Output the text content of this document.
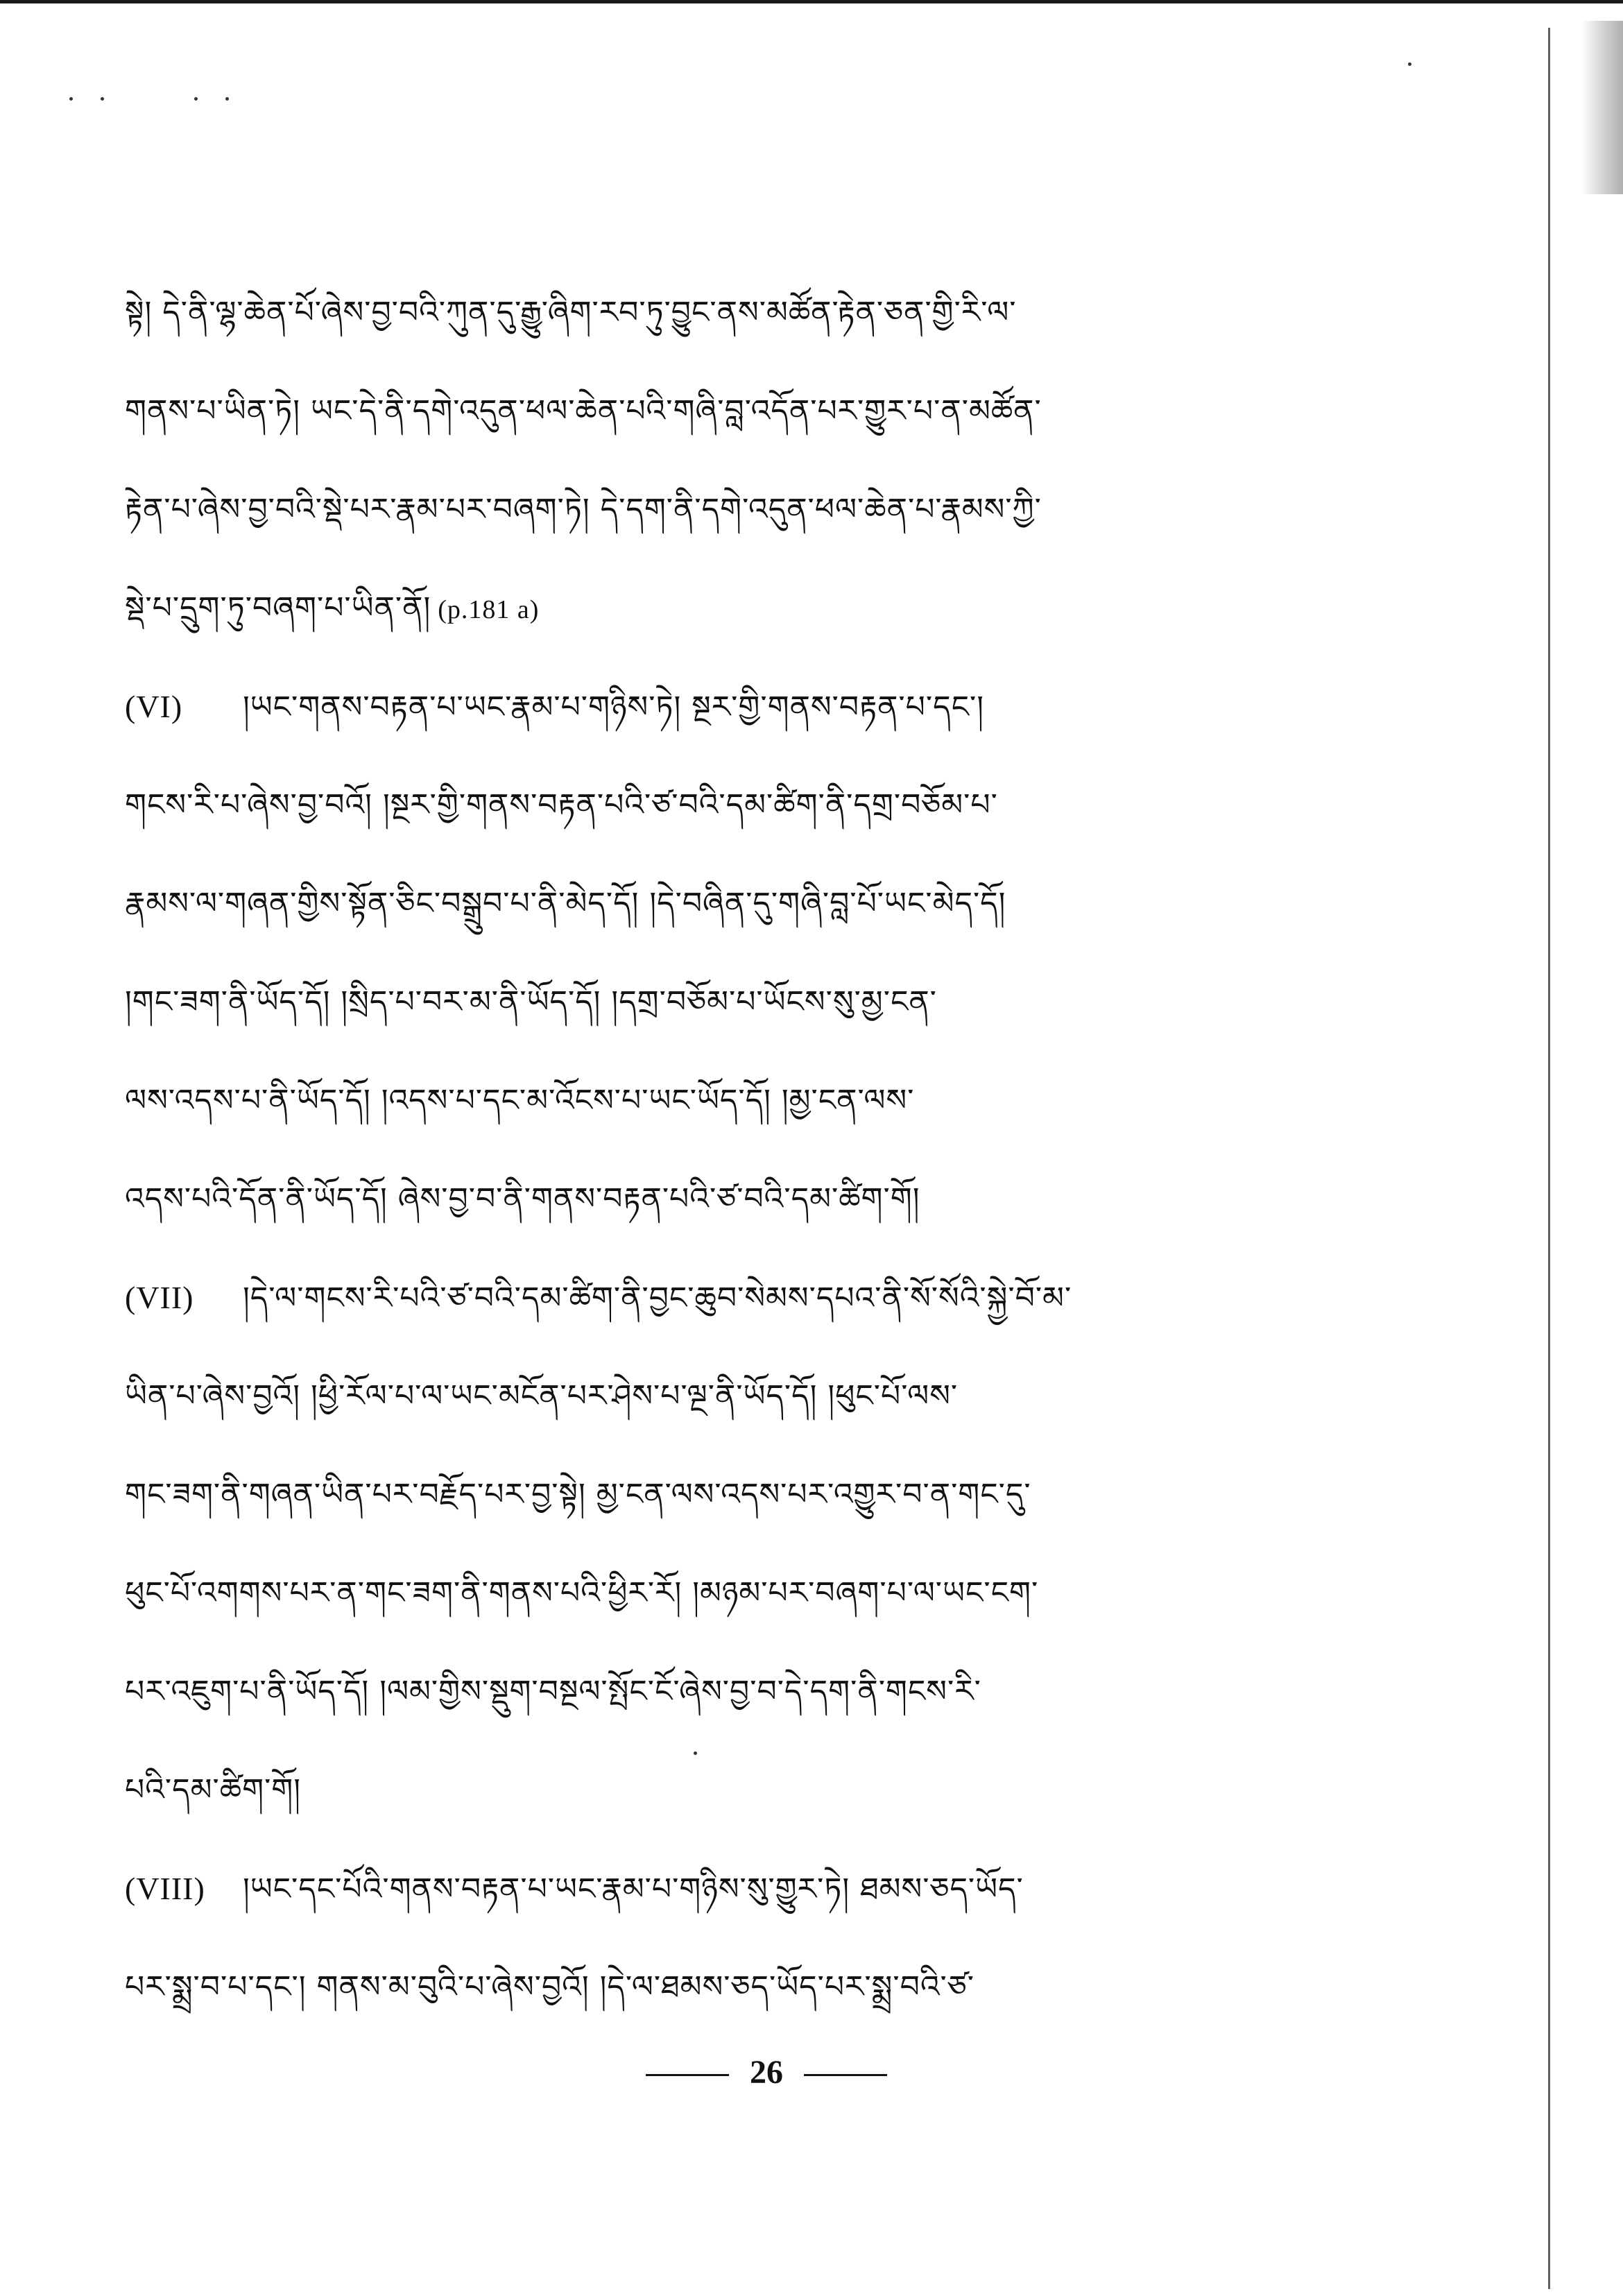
སྟེ། དེ་ནི་ལྷ་ཆེན་པོ་ཞེས་བྱ་བའི་ཀུན་དུ་རྒྱུ་ཞིག་རབ་ཏུ་བྱུང་ནས་མཚོན་རྟེན་ཅན་གྱི་རི་ལ་
གནས་པ་ཡིན་ཏེ། ཡང་དེ་ནི་དགེ་འདུན་ཕལ་ཆེན་པའི་གཞི་བླ་འདོན་པར་གྱུར་པ་ན་མཚོན་
རྟེན་པ་ཞེས་བྱ་བའི་སྡེ་པར་རྣམ་པར་བཞག་ཏེ། དེ་དག་ནི་དགེ་འདུན་ཕལ་ཆེན་པ་རྣམས་ཀྱི་
སྡེ་པ་དྲུག་ཏུ་བཞག་པ་ཡིན་ནོ། (p.181 a)
(VI) །ཡང་གནས་བརྟན་པ་ཡང་རྣམ་པ་གཉིས་ཏེ། སྔར་གྱི་གནས་བརྟན་པ་དང་།
གངས་རི་པ་ཞེས་བྱ་བའོ། །སྔར་གྱི་གནས་བརྟན་པའི་ཙ་བའི་དམ་ཚིག་ནི་དགྲ་བཅོམ་པ་
རྣམས་ལ་གཞན་གྱིས་སྟོན་ཅིང་བསྒྲུབ་པ་ནི་མེད་དོ། །དེ་བཞིན་དུ་གཞི་བླ་པོ་ཡང་མེད་དོ།
།གང་ཟག་ནི་ཡོད་དོ། །སྲིད་པ་བར་མ་ནི་ཡོད་དོ། །དགྲ་བཅོམ་པ་ཡོངས་སུ་མྱ་ངན་
ལས་འདས་པ་ནི་ཡོད་དོ། །འདས་པ་དང་མ་འོངས་པ་ཡང་ཡོད་དོ། །མྱ་ངན་ལས་
འདས་པའི་དོན་ནི་ཡོད་དོ། ཞེས་བྱ་བ་ནི་གནས་བརྟན་པའི་ཙ་བའི་དམ་ཚིག་གོ།
(VII) །དེ་ལ་གངས་རི་པའི་ཙ་བའི་དམ་ཚིག་ནི་བྱང་ཆུབ་སེམས་དཔའ་ནི་སོ་སོའི་སྐྱེ་བོ་མ་
ཡིན་པ་ཞེས་བྱའོ། །ཕྱི་རོལ་པ་ལ་ཡང་མངོན་པར་ཤེས་པ་ལྔ་ནི་ཡོད་དོ། །ཕུང་པོ་ལས་
གང་ཟག་ནི་གཞན་ཡིན་པར་བརྗོད་པར་བྱ་སྟེ། མྱ་ངན་ལས་འདས་པར་འགྱུར་བ་ན་གང་དུ་
ཕུང་པོ་འགགས་པར་ན་གང་ཟག་ནི་གནས་པའི་ཕྱིར་རོ། །མཉམ་པར་བཞག་པ་ལ་ཡང་ངག་
པར་འཇུག་པ་ནི་ཡོད་དོ། །ལམ་གྱིས་སྡུག་བསྔལ་སྤོང་ངོ་ཞེས་བྱ་བ་དེ་དག་ནི་གངས་རི་
པའི་དམ་ཚིག་གོ།
(VIII) །ཡང་དང་པོའི་གནས་བརྟན་པ་ཡང་རྣམ་པ་གཉིས་སུ་གྱུར་ཏེ། ཐམས་ཅད་ཡོད་
པར་སྨྲ་བ་པ་དང་། གནས་མ་བུའི་པ་ཞེས་བྱའོ། །དེ་ལ་ཐམས་ཅད་ཡོད་པར་སྨྲ་བའི་ཙ་
26
